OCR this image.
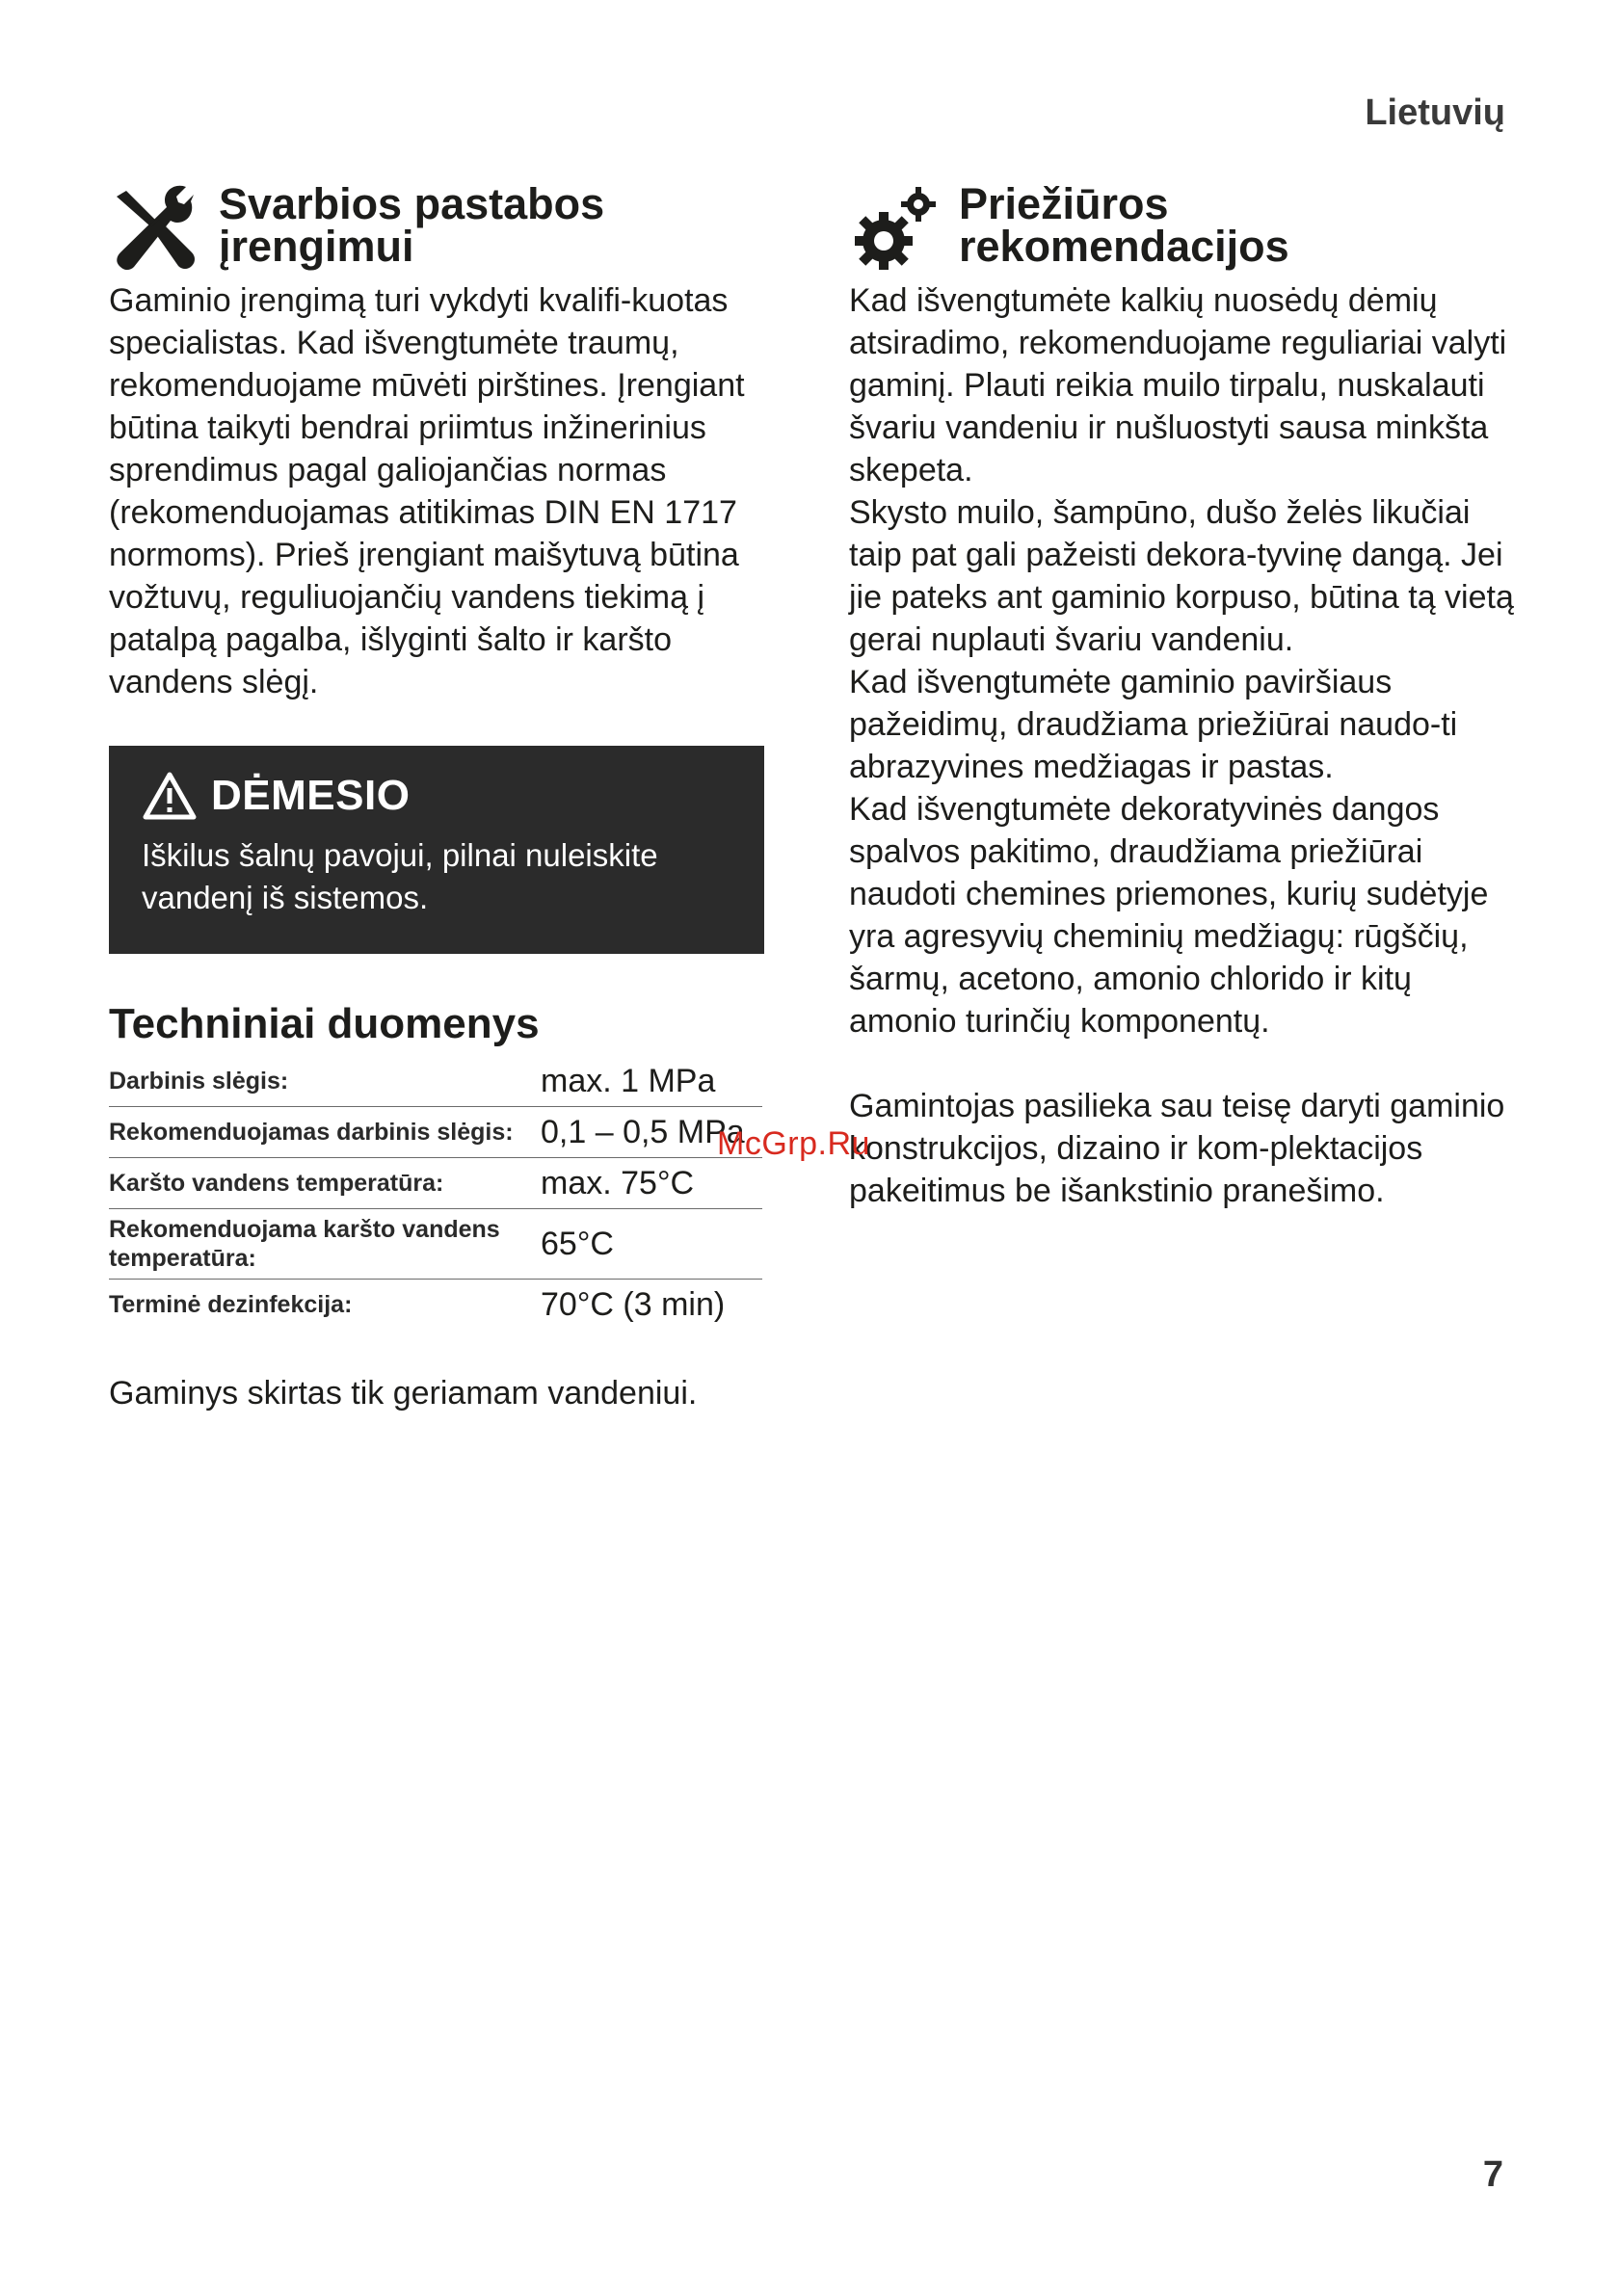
Lietuvių
Svarbios pastabos
įrengimui

Gaminio įrengimą turi vykdyti kvalifi-kuotas specialistas. Kad išvengtumėte traumų, rekomenduojame mūvėti pirštines. Įrengiant būtina taikyti bendrai priimtus inžinerinius sprendimus pagal galiojančias normas (rekomenduojamas atitikimas DIN EN 1717 normoms). Prieš įrengiant maišytuvą būtina vožtuvų, reguliuojančių vandens tiekimą į patalpą pagalba, išlyginti šalto ir karšto vandens slėgį.

DĖMESIO
Iškilus šalnų pavojui, pilnai nuleiskite vandenį iš sistemos.
Techniniai duomenys
Darbinis slėgis:	max. 1 MPa
Rekomenduojamas darbinis slėgis:	0,1 – 0,5 MPa
Karšto vandens temperatūra:	max. 75°C
Rekomenduojama karšto vandens temperatūra:	65°C
Terminė dezinfekcija:	70°C (3 min)
Gaminys skirtas tik geriamam vandeniui.
Priežiūros
rekomendacijos

Kad išvengtumėte kalkių nuosėdų dėmių atsiradimo, rekomenduojame reguliariai valyti gaminį. Plauti reikia muilo tirpalu, nuskalauti švariu vandeniu ir nušluostyti sausa minkšta skepeta.

Skysto muilo, šampūno, dušo želės likučiai taip pat gali pažeisti dekora-tyvinę dangą. Jei jie pateks ant gaminio korpuso, būtina tą vietą gerai nuplauti švariu vandeniu.

Kad išvengtumėte gaminio paviršiaus pažeidimų, draudžiama priežiūrai naudo-ti abrazyvines medžiagas ir pastas.

Kad išvengtumėte dekoratyvinės dangos spalvos pakitimo, draudžiama priežiūrai naudoti chemines priemones, kurių sudėtyje yra agresyvių cheminių medžiagų: rūgščių, šarmų, acetono, amonio chlorido ir kitų amonio turinčių komponentų.

Gamintojas pasilieka sau teisę daryti gaminio konstrukcijos, dizaino ir kom-plektacijos pakeitimus be išankstinio pranešimo.

McGrp.Ru
7
